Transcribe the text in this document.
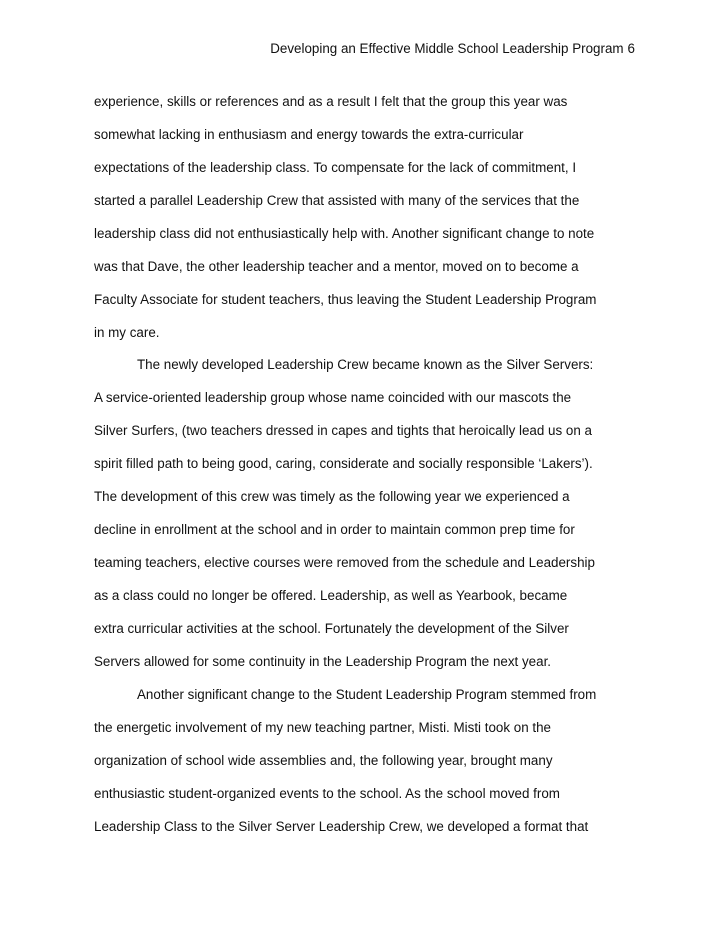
Developing an Effective Middle School Leadership Program 6
experience, skills or references and as a result I felt that the group this year was
somewhat lacking in enthusiasm and energy towards the extra-curricular
expectations of the leadership class. To compensate for the lack of commitment, I
started a parallel Leadership Crew that assisted with many of the services that the
leadership class did not enthusiastically help with. Another significant change to note
was that Dave, the other leadership teacher and a mentor, moved on to become a
Faculty Associate for student teachers, thus leaving the Student Leadership Program
in my care.
The newly developed Leadership Crew became known as the Silver Servers:
A service-oriented leadership group whose name coincided with our mascots the
Silver Surfers, (two teachers dressed in capes and tights that heroically lead us on a
spirit filled path to being good, caring, considerate and socially responsible ‘Lakers’).
The development of this crew was timely as the following year we experienced a
decline in enrollment at the school and in order to maintain common prep time for
teaming teachers, elective courses were removed from the schedule and Leadership
as a class could no longer be offered. Leadership, as well as Yearbook, became
extra curricular activities at the school. Fortunately the development of the Silver
Servers allowed for some continuity in the Leadership Program the next year.
Another significant change to the Student Leadership Program stemmed from
the energetic involvement of my new teaching partner, Misti. Misti took on the
organization of school wide assemblies and, the following year, brought many
enthusiastic student-organized events to the school. As the school moved from
Leadership Class to the Silver Server Leadership Crew, we developed a format that
